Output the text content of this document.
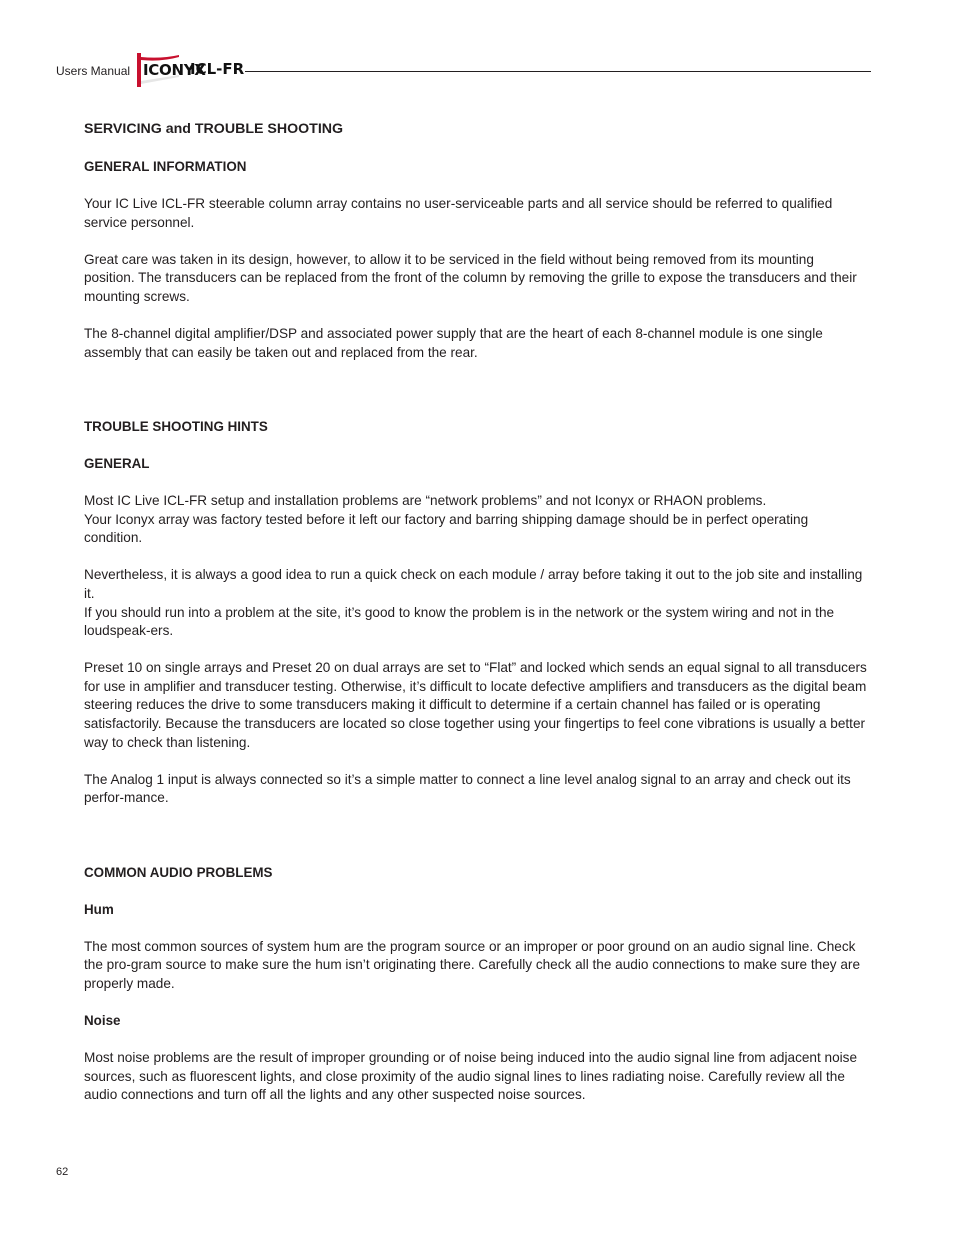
Users Manual ICONYX
ICL-FR
SERVICING and TROUBLE SHOOTING
GENERAL INFORMATION
Your IC Live ICL-FR steerable column array contains no user-serviceable parts and all service should be referred to qualified service personnel.
Great care was taken in its design, however, to allow it to be serviced in the field without being removed from its mounting position. The transducers can be replaced from the front of the column by removing the grille to expose the transducers and their mounting screws.
The 8-channel digital amplifier/DSP and associated power supply that are the heart of each 8-channel module is one single assembly that can easily be taken out and replaced from the rear.
TROUBLE SHOOTING HINTS
GENERAL
Most IC Live ICL-FR setup and installation problems are “network problems” and not Iconyx or RHAON problems.
Your Iconyx array was factory tested before it left our factory and barring shipping damage should be in perfect operating condition.
Nevertheless, it is always a good idea to run a quick check on each module / array before taking it out to the job site and installing it.
If you should run into a problem at the site, it’s good to know the problem is in the network or the system wiring and not in the loudspeak-ers.
Preset 10 on single arrays and Preset 20 on dual arrays are set to “Flat” and locked which sends an equal signal to all transducers for use in amplifier and transducer testing. Otherwise, it’s difficult to locate defective amplifiers and transducers as the digital beam steering reduces the drive to some transducers making it difficult to determine if a certain channel has failed or is operating satisfactorily. Because the transducers are located so close together using your fingertips to feel cone vibrations is usually a better way to check than listening.
The Analog 1 input is always connected so it’s a simple matter to connect a line level analog signal to an array and check out its perfor-mance.
COMMON AUDIO PROBLEMS
Hum
The most common sources of system hum are the program source or an improper or poor ground on an audio signal line. Check the pro-gram source to make sure the hum isn’t originating there. Carefully check all the audio connections to make sure they are properly made.
Noise
Most noise problems are the result of improper grounding or of noise being induced into the audio signal line from adjacent noise sources, such as fluorescent lights, and close proximity of the audio signal lines to lines radiating noise. Carefully review all the audio connections and turn off all the lights and any other suspected noise sources.
62
